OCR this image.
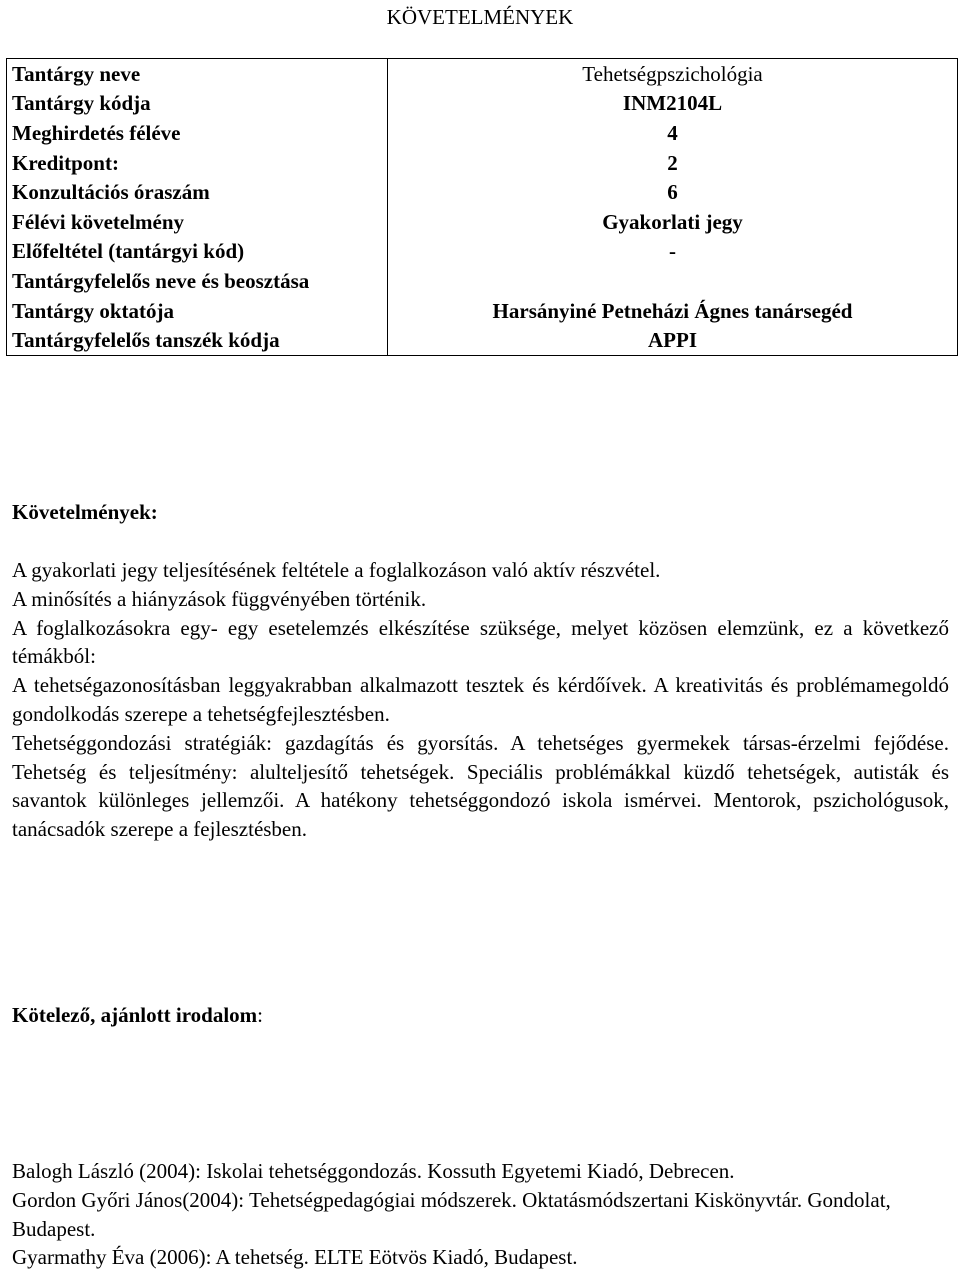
KÖVETELMÉNYEK
Tantárgy neve	Tehetségpszichológia
Tantárgy kódja	INM2104L
Meghirdetés féléve	4
Kreditpont:	2
Konzultációs óraszám	6
Félévi követelmény	Gyakorlati jegy
Előfeltétel (tantárgyi kód)	-
Tantárgyfelelős neve és beosztása	
Tantárgy oktatója	Harsányiné Petneházi Ágnes tanársegéd
Tantárgyfelelős tanszék kódja	APPI
Követelmények:

A gyakorlati jegy teljesítésének feltétele a foglalkozáson való aktív részvétel.

A minősítés a hiányzások függvényében történik.

A foglalkozásokra egy- egy esetelemzés elkészítése szüksége, melyet közösen elemzünk, ez a következő témákból:

A tehetségazonosításban leggyakrabban alkalmazott tesztek és kérdőívek. A kreativitás és problémamegoldó gondolkodás szerepe a tehetségfejlesztésben.

Tehetséggondozási stratégiák: gazdagítás és gyorsítás. A tehetséges gyermekek társas-érzelmi fejődése. Tehetség és teljesítmény: alulteljesítő tehetségek. Speciális problémákkal küzdő tehetségek, autisták és savantok különleges jellemzői. A hatékony tehetséggondozó iskola ismérvei. Mentorok, pszichológusok, tanácsadók szerepe a fejlesztésben.

Kötelező, ajánlott irodalom:

Balogh László (2004): Iskolai tehetséggondozás. Kossuth Egyetemi Kiadó, Debrecen.

Gordon Győri János(2004): Tehetségpedagógiai módszerek. Oktatásmódszertani Kiskönyvtár. Gondolat, Budapest.

Gyarmathy Éva (2006): A tehetség. ELTE Eötvös Kiadó, Budapest.
